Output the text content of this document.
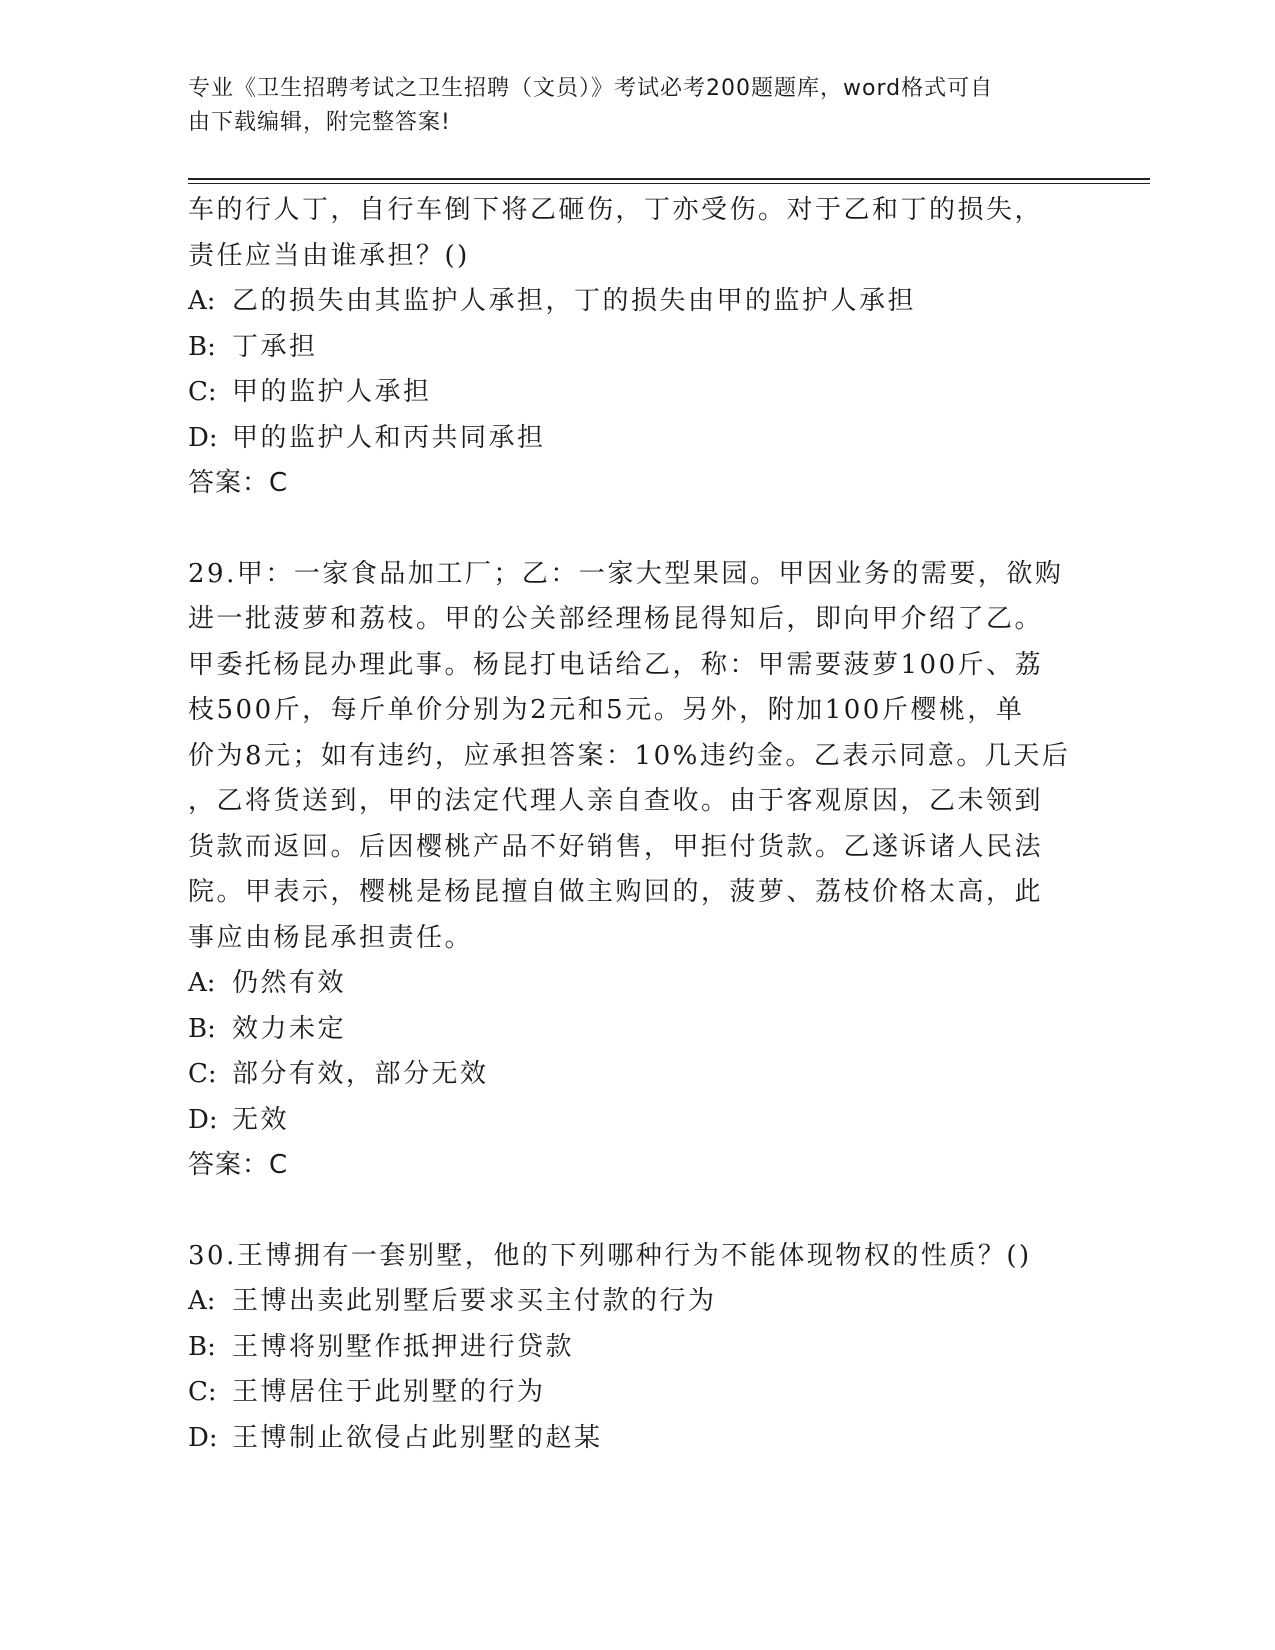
专业《卫生招聘考试之卫生招聘（文员）》考试必考200题题库，word格式可自
由下载编辑，附完整答案!
车的行人丁，自行车倒下将乙砸伤，丁亦受伤。对于乙和丁的损失，
责任应当由谁承担？()
A: 乙的损失由其监护人承担，丁的损失由甲的监护人承担
B: 丁承担
C: 甲的监护人承担
D: 甲的监护人和丙共同承担
答案：C
29.甲：一家食品加工厂；乙：一家大型果园。甲因业务的需要，欲购
进一批菠萝和荔枝。甲的公关部经理杨昆得知后，即向甲介绍了乙。
甲委托杨昆办理此事。杨昆打电话给乙，称：甲需要菠萝100斤、荔
枝500斤，每斤单价分别为2元和5元。另外，附加100斤樱桃，单
价为8元；如有违约，应承担答案：10%违约金。乙表示同意。几天后
，乙将货送到，甲的法定代理人亲自查收。由于客观原因，乙未领到
货款而返回。后因樱桃产品不好销售，甲拒付货款。乙遂诉诸人民法
院。甲表示，樱桃是杨昆擅自做主购回的，菠萝、荔枝价格太高，此
事应由杨昆承担责任。
A: 仍然有效
B: 效力未定
C: 部分有效，部分无效
D: 无效
答案：C
30.王博拥有一套别墅，他的下列哪种行为不能体现物权的性质？()
A: 王博出卖此别墅后要求买主付款的行为
B: 王博将别墅作抵押进行贷款
C: 王博居住于此别墅的行为
D: 王博制止欲侵占此别墅的赵某
